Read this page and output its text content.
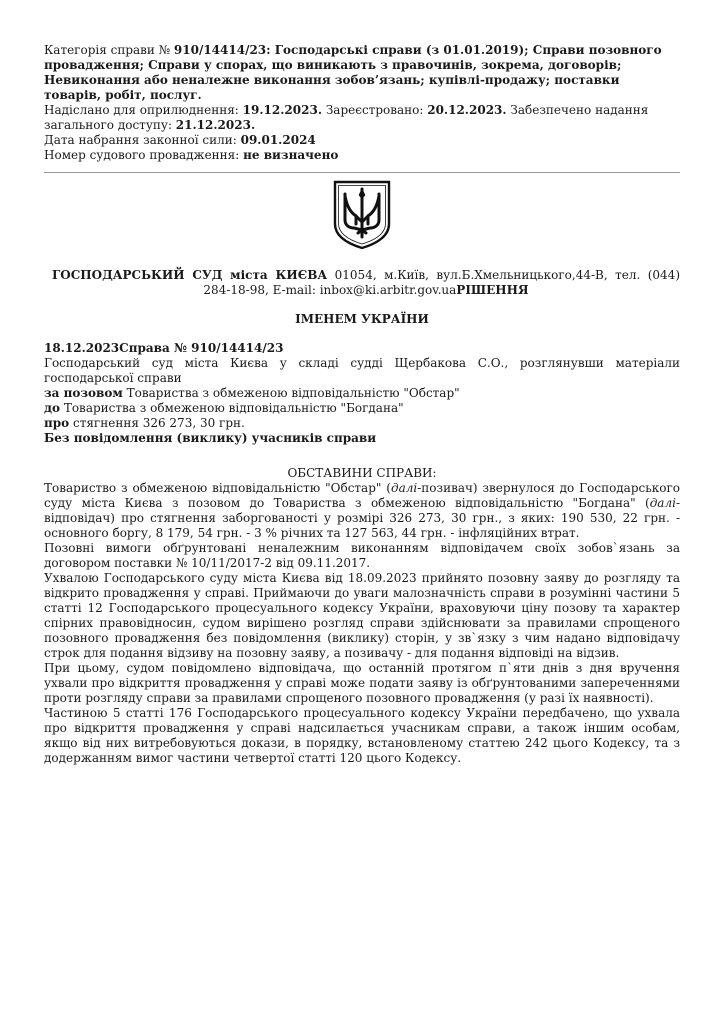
Категорія справи № 910/14414/23: Господарські справи (з 01.01.2019); Справи позовного провадження; Справи у спорах, що виникають з правочинів, зокрема, договорів; Невиконання або неналежне виконання зобов’язань; купівлі-продажу; поставки товарів, робіт, послуг.

Надіслано для оприлюднення: 19.12.2023. Зареєстровано: 20.12.2023. Забезпечено надання загального доступу: 21.12.2023.

Дата набрання законної сили: 09.01.2024

Номер судового провадження: не визначено

ГОСПОДАРСЬКИЙ СУД міста КИЄВА 01054, м.Київ, вул.Б.Хмельницького,44-В, тел. (044) 284-18-98, E-mail: inbox@ki.arbitr.gov.uaРІШЕННЯ

ІМЕНЕМ УКРАЇНИ

18.12.2023Справа № 910/14414/23

Господарський суд міста Києва у складі судді Щербакова С.О., розглянувши матеріали господарської справи

за позовом Товариства з обмеженою відповідальністю "Обстар"

до Товариства з обмеженою відповідальністю "Богдана"

про стягнення 326 273, 30 грн.

Без повідомлення (виклику) учасників справи

ОБСТАВИНИ СПРАВИ:

Товариство з обмеженою відповідальністю "Обстар" (далі-позивач) звернулося до Господарського суду міста Києва з позовом до Товариства з обмеженою відповідальністю "Богдана" (далі-відповідач) про стягнення заборгованості у розмірі 326 273, 30 грн., з яких: 190 530, 22 грн. - основного боргу, 8 179, 54 грн. - 3 % річних та 127 563, 44 грн. - інфляційних втрат.

Позовні вимоги обґрунтовані неналежним виконанням відповідачем своїх зобов`язань за договором поставки № 10/11/2017-2 від 09.11.2017.

Ухвалою Господарського суду міста Києва від 18.09.2023 прийнято позовну заяву до розгляду та відкрито провадження у справі. Приймаючи до уваги малозначність справи в розумінні частини 5 статті 12 Господарського процесуального кодексу України, враховуючи ціну позову та характер спірних правовідносин, судом вирішено розгляд справи здійснювати за правилами спрощеного позовного провадження без повідомлення (виклику) сторін, у зв`язку з чим надано відповідачу строк для подання відзиву на позовну заяву, а позивачу - для подання відповіді на відзив.

При цьому, судом повідомлено відповідача, що останній протягом п`яти днів з дня вручення ухвали про відкриття провадження у справі може подати заяву із обґрунтованими запереченнями проти розгляду справи за правилами спрощеного позовного провадження (у разі їх наявності).

Частиною 5 статті 176 Господарського процесуального кодексу України передбачено, що ухвала про відкриття провадження у справі надсилається учасникам справи, а також іншим особам, якщо від них витребовуються докази, в порядку, встановленому статтею 242 цього Кодексу, та з додержанням вимог частини четвертої статті 120 цього Кодексу.
